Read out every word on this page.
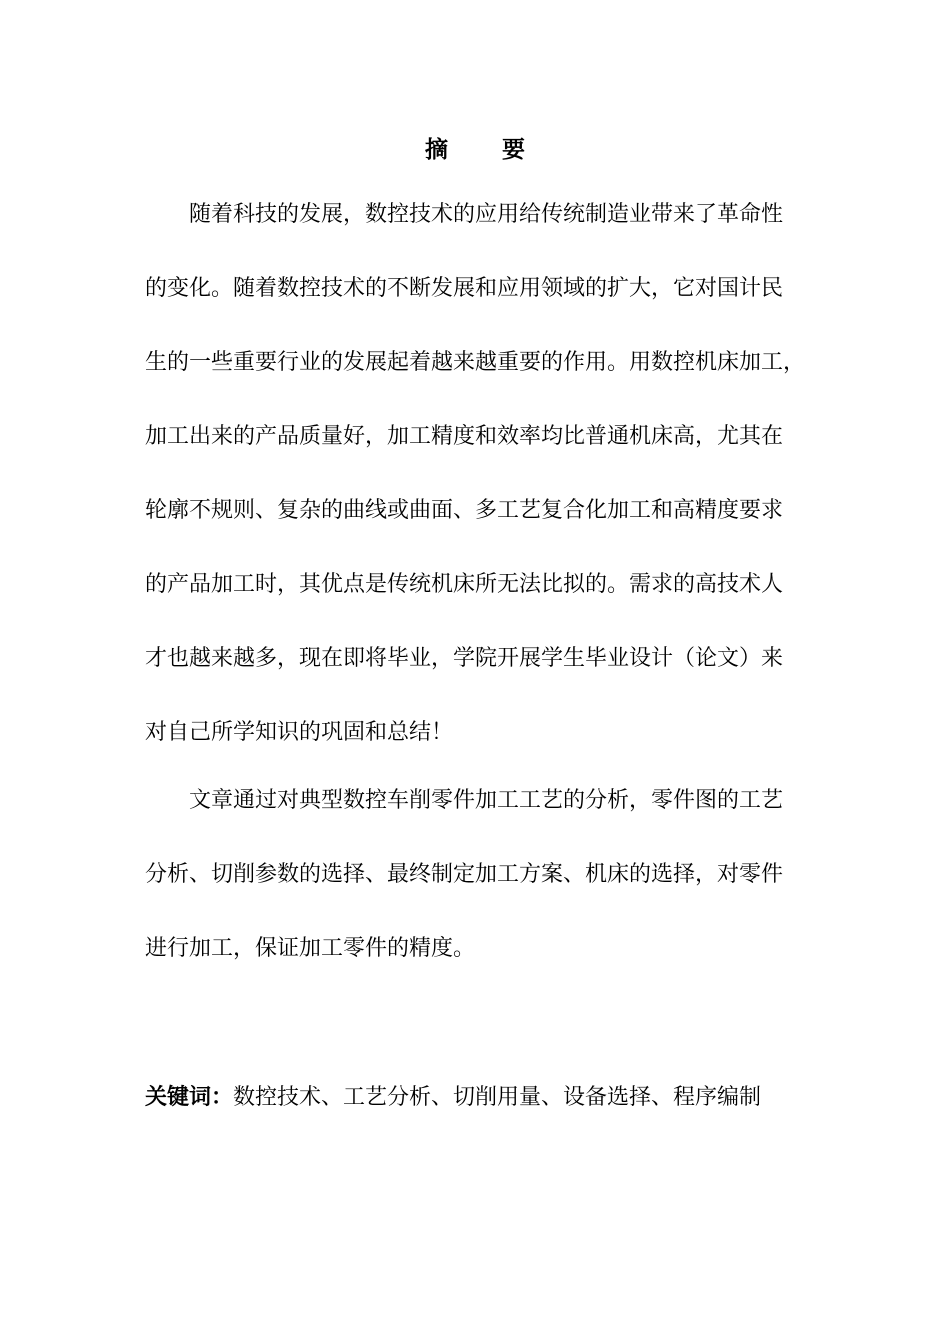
摘 要
随着科技的发展，数控技术的应用给传统制造业带来了革命性
的变化。随着数控技术的不断发展和应用领域的扩大，它对国计民
生的一些重要行业的发展起着越来越重要的作用。用数控机床加工，
加工出来的产品质量好，加工精度和效率均比普通机床高，尤其在
轮廓不规则、复杂的曲线或曲面、多工艺复合化加工和高精度要求
的产品加工时，其优点是传统机床所无法比拟的。需求的高技术人
才也越来越多，现在即将毕业，学院开展学生毕业设计（论文）来
对自己所学知识的巩固和总结！
文章通过对典型数控车削零件加工工艺的分析，零件图的工艺
分析、切削参数的选择、最终制定加工方案、机床的选择，对零件
进行加工，保证加工零件的精度。
关键词：数控技术、工艺分析、切削用量、设备选择、程序编制
